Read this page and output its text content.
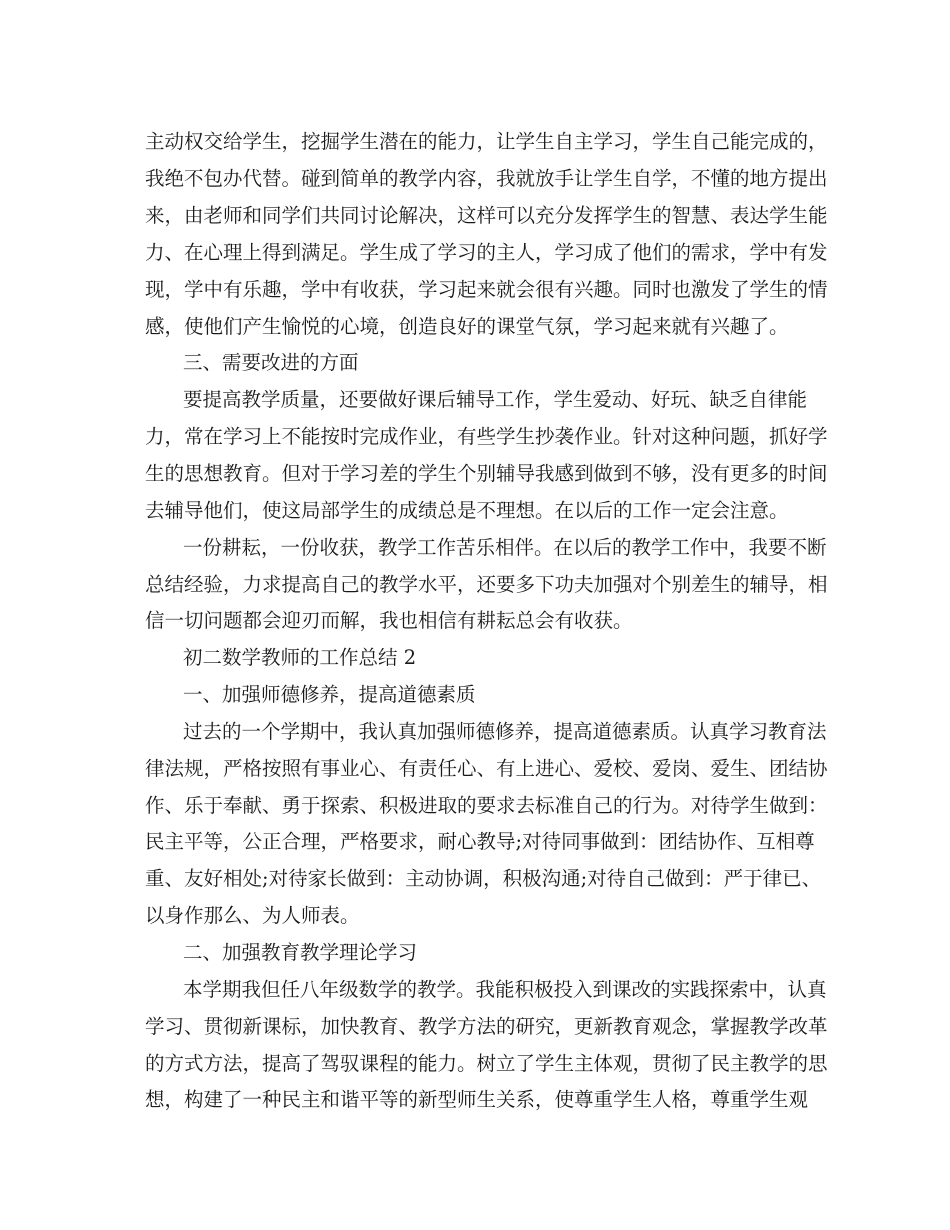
主动权交给学生，挖掘学生潜在的能力，让学生自主学习，学生自己能完成的，
我绝不包办代替。碰到简单的教学内容，我就放手让学生自学，不懂的地方提出
来，由老师和同学们共同讨论解决，这样可以充分发挥学生的智慧、表达学生能
力、在心理上得到满足。学生成了学习的主人，学习成了他们的需求，学中有发
现，学中有乐趣，学中有收获，学习起来就会很有兴趣。同时也激发了学生的情
感，使他们产生愉悦的心境，创造良好的课堂气氛，学习起来就有兴趣了。
三、需要改进的方面
要提高教学质量，还要做好课后辅导工作，学生爱动、好玩、缺乏自律能
力，常在学习上不能按时完成作业，有些学生抄袭作业。针对这种问题，抓好学
生的思想教育。但对于学习差的学生个别辅导我感到做到不够，没有更多的时间
去辅导他们，使这局部学生的成绩总是不理想。在以后的工作一定会注意。
一份耕耘，一份收获，教学工作苦乐相伴。在以后的教学工作中，我要不断
总结经验，力求提高自己的教学水平，还要多下功夫加强对个别差生的辅导，相
信一切问题都会迎刃而解，我也相信有耕耘总会有收获。
初二数学教师的工作总结 2
一、加强师德修养，提高道德素质
过去的一个学期中，我认真加强师德修养，提高道德素质。认真学习教育法
律法规，严格按照有事业心、有责任心、有上进心、爱校、爱岗、爱生、团结协
作、乐于奉献、勇于探索、积极进取的要求去标准自己的行为。对待学生做到：
民主平等，公正合理，严格要求，耐心教导;对待同事做到：团结协作、互相尊
重、友好相处;对待家长做到：主动协调，积极沟通;对待自己做到：严于律已、
以身作那么、为人师表。
二、加强教育教学理论学习
本学期我但任八年级数学的教学。我能积极投入到课改的实践探索中，认真
学习、贯彻新课标，加快教育、教学方法的研究，更新教育观念，掌握教学改革
的方式方法，提高了驾驭课程的能力。树立了学生主体观，贯彻了民主教学的思
想，构建了一种民主和谐平等的新型师生关系，使尊重学生人格，尊重学生观
